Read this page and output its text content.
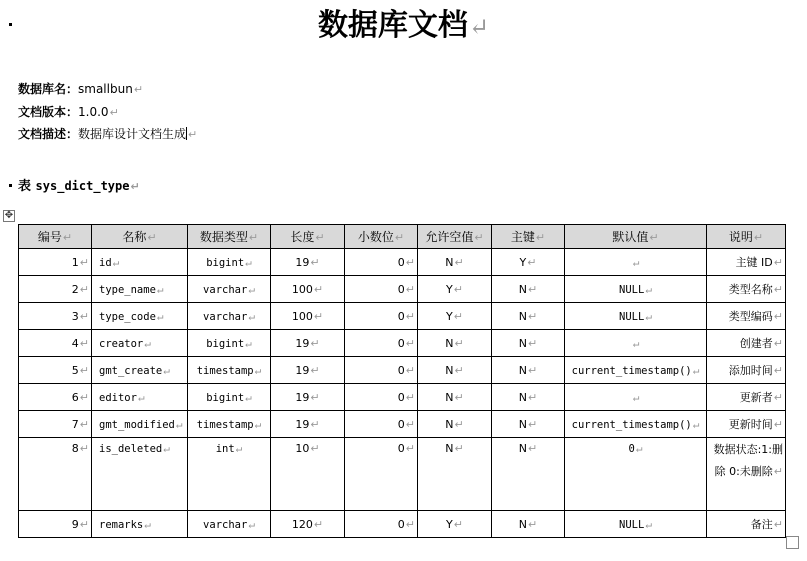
数据库文档↵
数据库名：smallbun↵
文档版本：1.0.0↵
文档描述：数据库设计文档生成 ↵
表 sys_dict_type↵
✥
编号↵	名称↵	数据类型↵	长度↵	小数位↵	允许空值↵	主键↵	默认值↵	说明↵
1↵	id↵	bigint↵	19↵	0↵	N↵	Y↵	↵	主键 ID↵
2↵	type_name↵	varchar↵	100↵	0↵	Y↵	N↵	NULL↵	类型名称↵
3↵	type_code↵	varchar↵	100↵	0↵	Y↵	N↵	NULL↵	类型编码↵
4↵	creator↵	bigint↵	19↵	0↵	N↵	N↵	↵	创建者↵
5↵	gmt_create↵	timestamp↵	19↵	0↵	N↵	N↵	current_timestamp()↵	添加时间↵
6↵	editor↵	bigint↵	19↵	0↵	N↵	N↵	↵	更新者↵
7↵	gmt_modified↵	timestamp↵	19↵	0↵	N↵	N↵	current_timestamp()↵	更新时间↵
8↵	is_deleted↵	int↵	10↵	0↵	N↵	N↵	0↵	数据状态:1:删除 0:未删除↵
9↵	remarks↵	varchar↵	120↵	0↵	Y↵	N↵	NULL↵	备注↵
